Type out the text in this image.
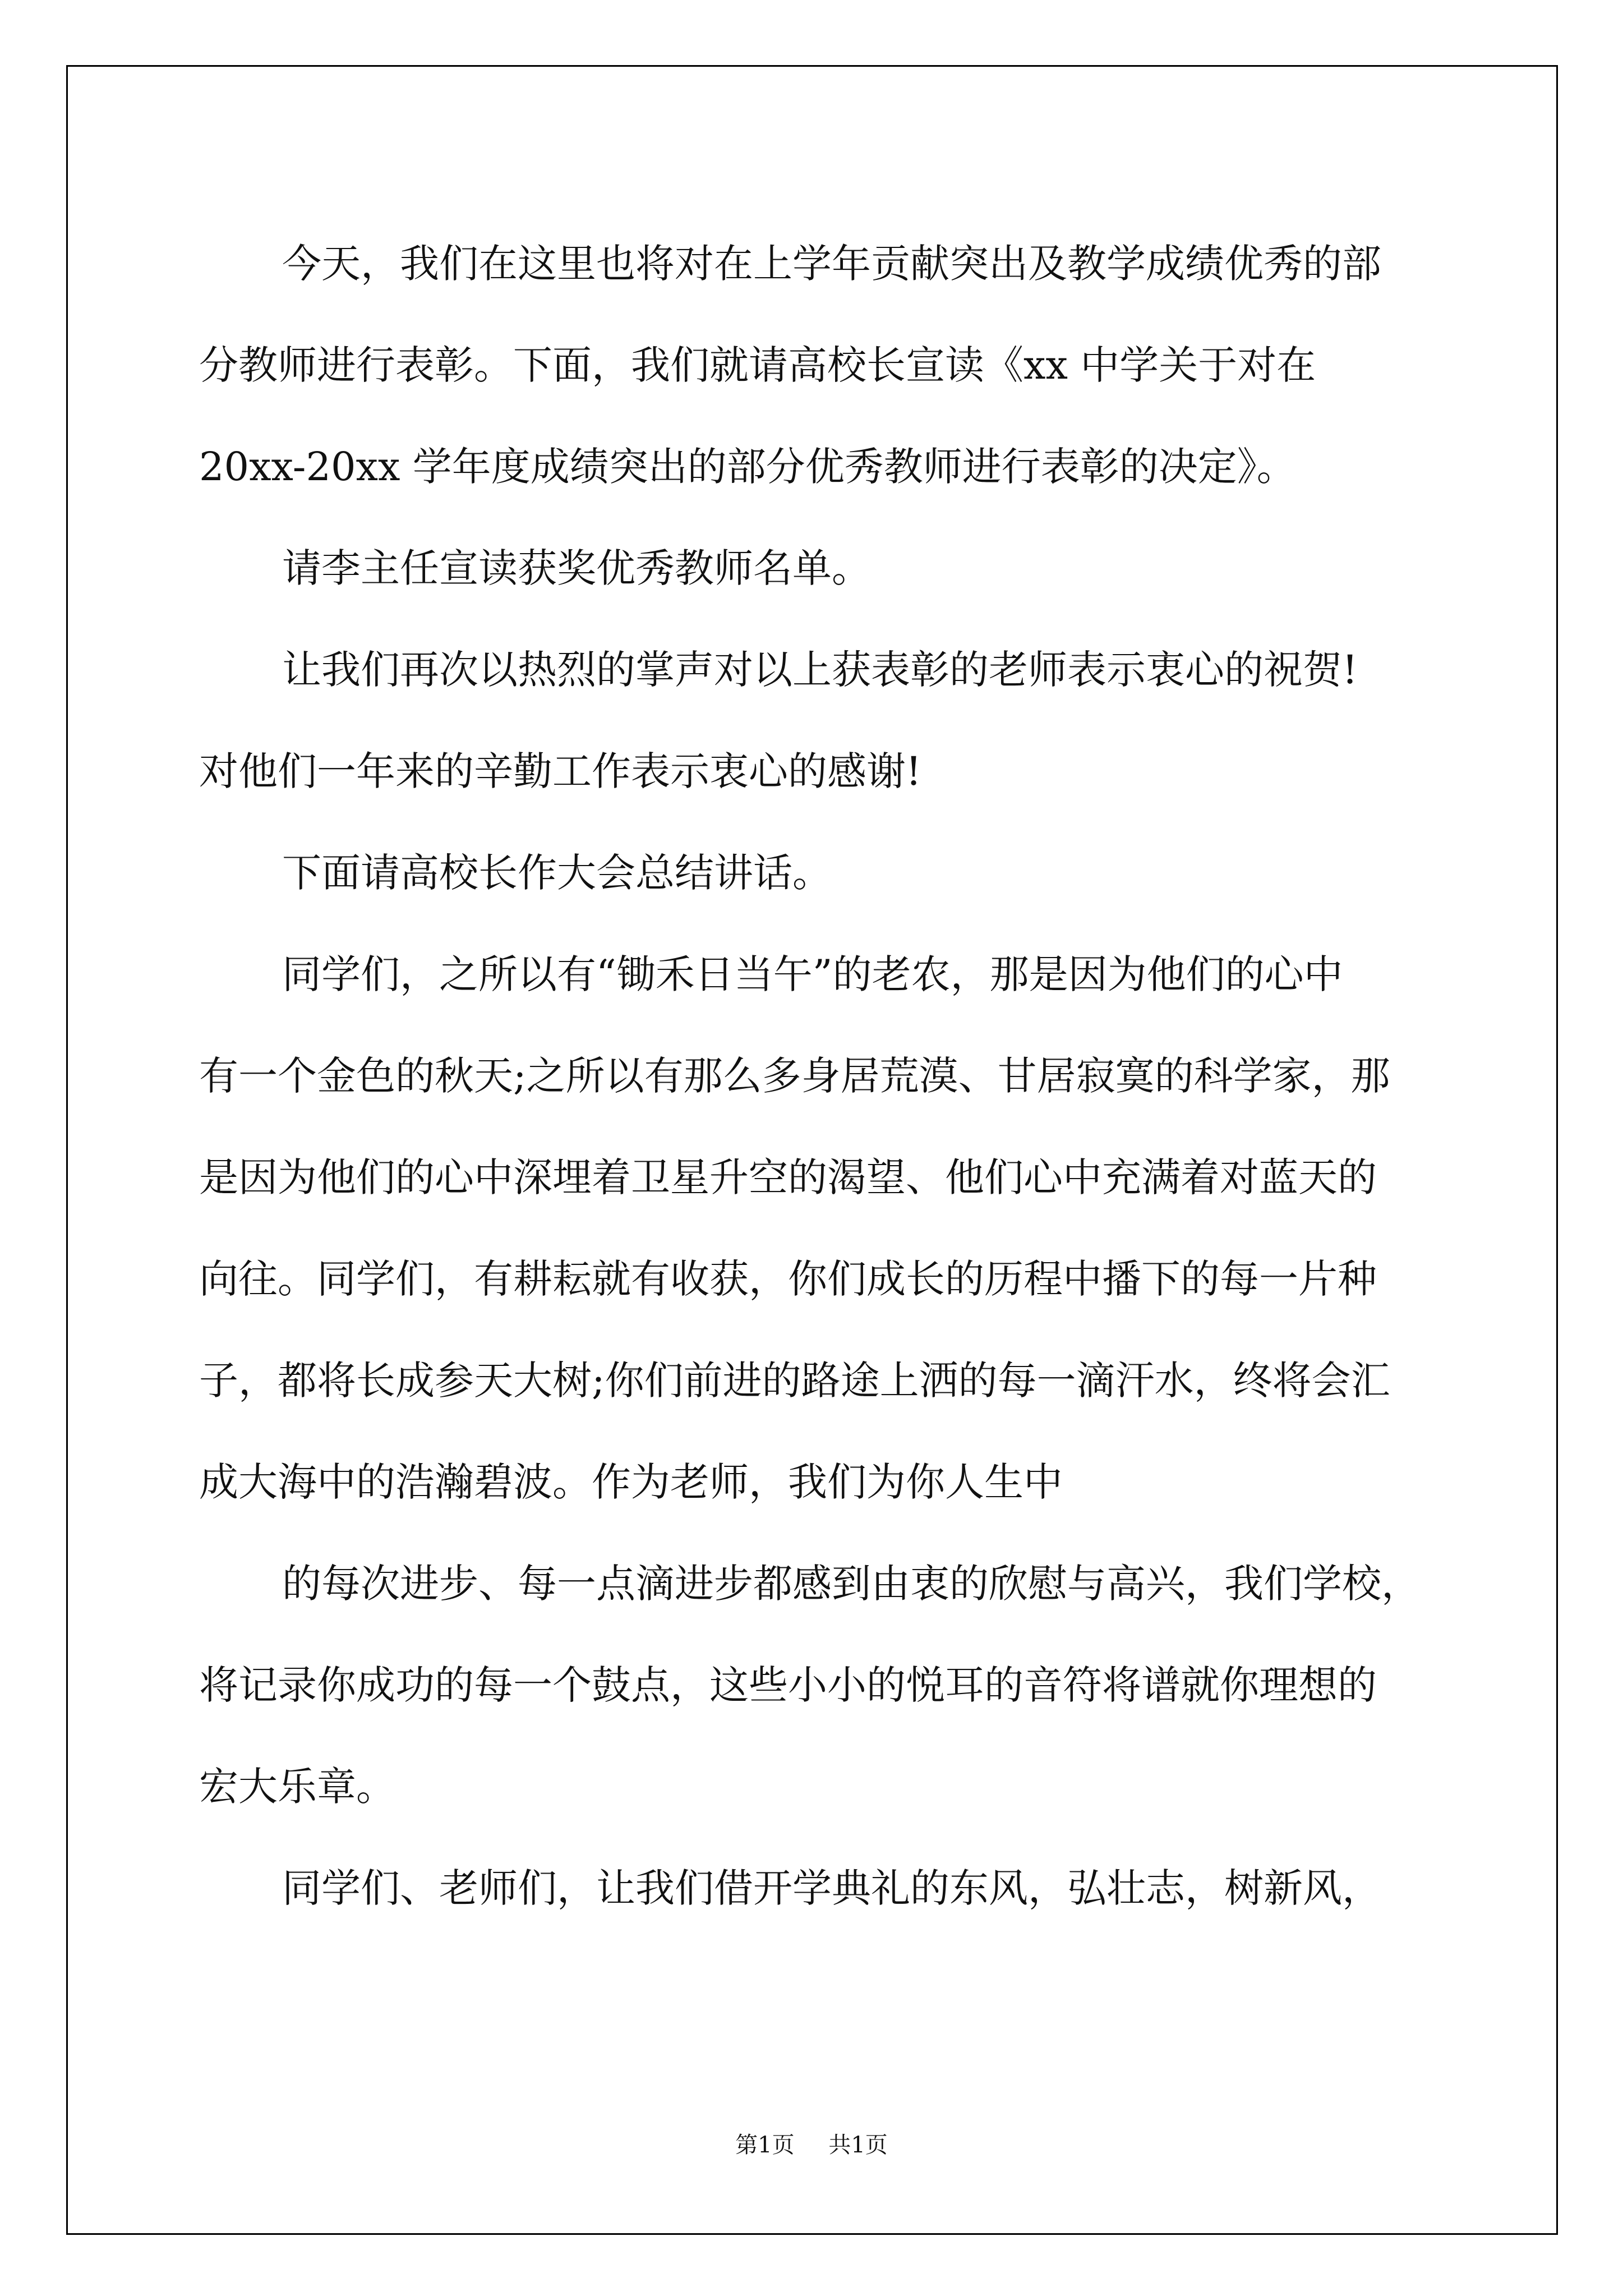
今天，我们在这里也将对在上学年贡献突出及教学成绩优秀的部
分教师进行表彰。下面，我们就请高校长宣读《xx 中学关于对在
20xx-20xx 学年度成绩突出的部分优秀教师进行表彰的决定》。
请李主任宣读获奖优秀教师名单。
让我们再次以热烈的掌声对以上获表彰的老师表示衷心的祝贺!
对他们一年来的辛勤工作表示衷心的感谢!
下面请高校长作大会总结讲话。
同学们，之所以有“锄禾日当午”的老农，那是因为他们的心中
有一个金色的秋天;之所以有那么多身居荒漠、甘居寂寞的科学家，那
是因为他们的心中深埋着卫星升空的渴望、他们心中充满着对蓝天的
向往。同学们，有耕耘就有收获，你们成长的历程中播下的每一片种
子，都将长成参天大树;你们前进的路途上洒的每一滴汗水，终将会汇
成大海中的浩瀚碧波。作为老师，我们为你人生中
的每次进步、每一点滴进步都感到由衷的欣慰与高兴，我们学校，
将记录你成功的每一个鼓点，这些小小的悦耳的音符将谱就你理想的
宏大乐章。
同学们、老师们，让我们借开学典礼的东风，弘壮志，树新风，
第1页 共1页
